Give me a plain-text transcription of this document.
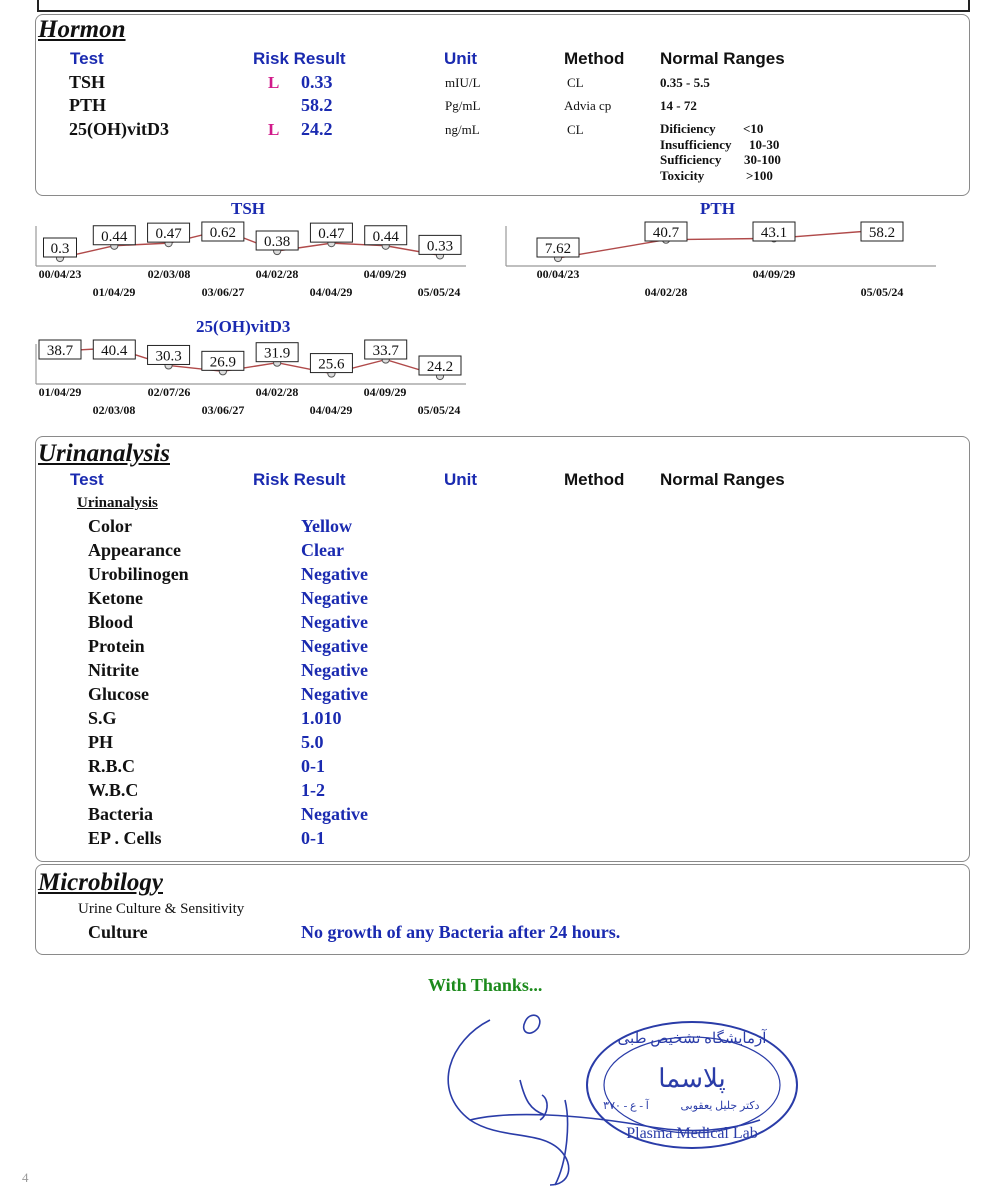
Hormon
Test	Risk Result	Unit	Method Normal Ranges
TSH	L 0.33	mIU/L	CL	0.35 - 5.5
PTH	58.2	Pg/mL	Advia cp	14 - 72
25(OH)vitD3	L 24.2	ng/mL	CL	Dificiency <10
Insufficiency 10-30
Sufficiency 30-100
Toxicity	>100
TSH
0.3
0.44 0.47 0.62
0.38 0.47 0.44
0.33
00/04/23
01/04/29
02/03/08
03/06/27
04/02/28
04/04/29
04/09/29
05/05/24
PTH
7.62
40.7	43.1	58.2
00/04/23
04/02/28
04/09/29
05/05/24
25(OH)vitD3
38.7 40.4 30.3 26.9
31.9
25.6
33.7
24.2
01/04/29
02/03/08
02/07/26
03/06/27
04/02/28
04/04/29
04/09/29
05/05/24
Urinanalysis
Test	Risk Result	Unit	Method Normal Ranges
Urinanalysis
Color	Yellow
Appearance	Clear
Urobilinogen	Negative
Ketone	Negative
Blood	Negative
Protein	Negative
Nitrite	Negative
Glucose	Negative
S.G	1.010
PH	5.0
R.B.C	0-1
W.B.C	1-2
Bacteria	Negative
EP . Cells	0-1
Microbilogy
Urine Culture & Sensitivity
Culture	No growth of any Bacteria after 24 hours.
With Thanks...
آزمایشگاه تشخیص طبی
پلاسما
دکتر جلیل یعقوبی
۳۷۰ - آ - ع
Plasma Medical Lab
4
